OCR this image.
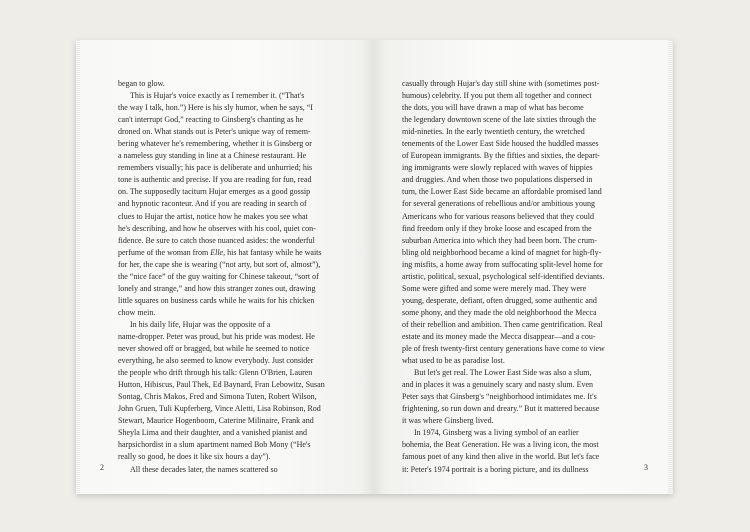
began to glow.

This is Hujar's voice exactly as I remember it. (“That's
the way I talk, hon.”) Here is his sly humor, when he says, “I
can't interrupt God,” reacting to Ginsberg's chanting as he
droned on. What stands out is Peter's unique way of remem-
bering whatever he's remembering, whether it is Ginsberg or
a nameless guy standing in line at a Chinese restaurant. He
remembers visually; his pace is deliberate and unhurried; his
tone is authentic and precise. If you are reading for fun, read
on. The supposedly taciturn Hujar emerges as a good gossip
and hypnotic raconteur. And if you are reading in search of
clues to Hujar the artist, notice how he makes you see what
he's describing, and how he observes with his cool, quiet con-
fidence. Be sure to catch those nuanced asides: the wonderful
perfume of the woman from Elle, his hat fantasy while he waits
for her, the cape she is wearing (“not arty, but sort of, almost”),
the “nice face” of the guy waiting for Chinese takeout, “sort of
lonely and strange,” and how this stranger zones out, drawing
little squares on business cards while he waits for his chicken
chow mein.

In his daily life, Hujar was the opposite of a
name-dropper. Peter was proud, but his pride was modest. He
never showed off or bragged, but while he seemed to notice
everything, he also seemed to know everybody. Just consider
the people who drift through his talk: Glenn O'Brien, Lauren
Hutton, Hibiscus, Paul Thek, Ed Baynard, Fran Lebowitz, Susan
Sontag, Chris Makos, Fred and Simona Tuten, Robert Wilson,
John Gruen, Tuli Kupferberg, Vince Aletti, Lisa Robinson, Rod
Stewart, Maurice Hogenboom, Caterine Milinaire, Frank and
Sheyla Lima and their daughter, and a vanished pianist and
harpsichordist in a slum apartment named Bob Mony (“He's
really so good, he does it like six hours a day”).

All these decades later, the names scattered so

2

casually through Hujar's day still shine with (sometimes post-
humous) celebrity. If you put them all together and connect
the dots, you will have drawn a map of what has become
the legendary downtown scene of the late sixties through the
mid-nineties. In the early twentieth century, the wretched
tenements of the Lower East Side housed the huddled masses
of European immigrants. By the fifties and sixties, the depart-
ing immigrants were slowly replaced with waves of hippies
and druggies. And when those two populations dispersed in
turn, the Lower East Side became an affordable promised land
for several generations of rebellious and/or ambitious young
Americans who for various reasons believed that they could
find freedom only if they broke loose and escaped from the
suburban America into which they had been born. The crum-
bling old neighborhood became a kind of magnet for high-fly-
ing misfits, a home away from suffocating split-level home for
artistic, political, sexual, psychological self-identified deviants.
Some were gifted and some were merely mad. They were
young, desperate, defiant, often drugged, some authentic and
some phony, and they made the old neighborhood the Mecca
of their rebellion and ambition. Then came gentrification. Real
estate and its money made the Mecca disappear—and a cou-
ple of fresh twenty-first century generations have come to view
what used to be as paradise lost.

But let's get real. The Lower East Side was also a slum,
and in places it was a genuinely scary and nasty slum. Even
Peter says that Ginsberg's “neighborhood intimidates me. It's
frightening, so run down and dreary.” But it mattered because
it was where Ginsberg lived.

In 1974, Ginsberg was a living symbol of an earlier
bohemia, the Beat Generation. He was a living icon, the most
famous poet of any kind then alive in the world. But let's face
it: Peter's 1974 portrait is a boring picture, and its dullness	3
